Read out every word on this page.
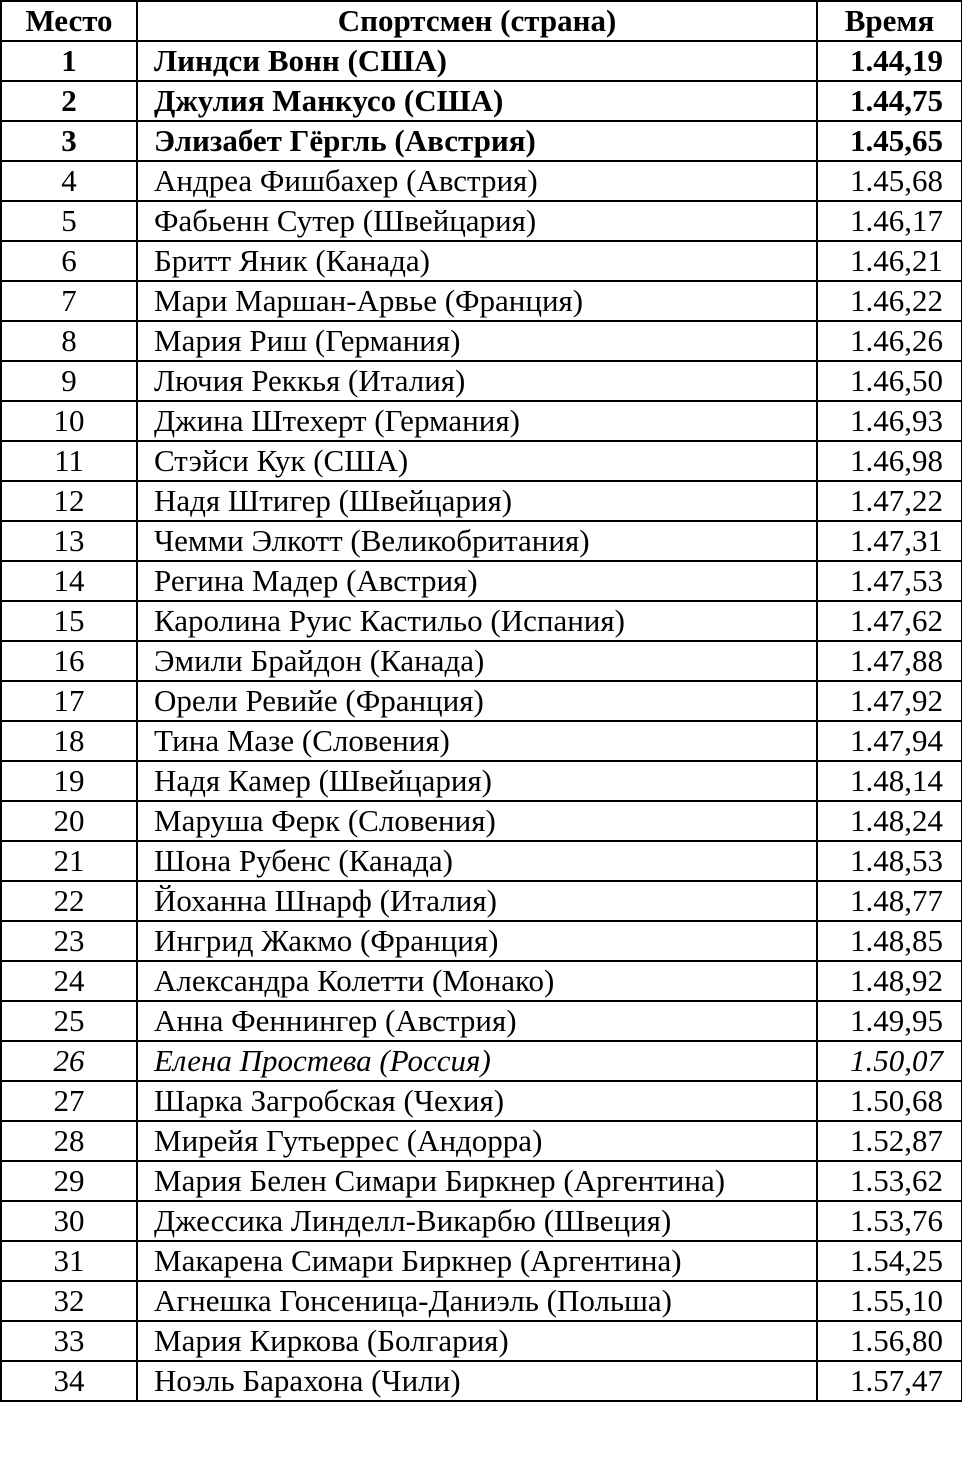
Место	Спортсмен (страна)	Время
1	Линдси Вонн (США)	1.44,19
2	Джулия Манкусо (США)	1.44,75
3	Элизабет Гёргль (Австрия)	1.45,65
4	Андреа Фишбахер (Австрия)	1.45,68
5	Фабьенн Сутер (Швейцария)	1.46,17
6	Бритт Яник (Канада)	1.46,21
7	Мари Маршан-Арвье (Франция)	1.46,22
8	Мария Риш (Германия)	1.46,26
9	Лючия Реккья (Италия)	1.46,50
10	Джина Штехерт (Германия)	1.46,93
11	Стэйси Кук (США)	1.46,98
12	Надя Штигер (Швейцария)	1.47,22
13	Чемми Элкотт (Великобритания)	1.47,31
14	Регина Мадер (Австрия)	1.47,53
15	Каролина Руис Кастильо (Испания)	1.47,62
16	Эмили Брайдон (Канада)	1.47,88
17	Орели Ревийе (Франция)	1.47,92
18	Тина Мазе (Словения)	1.47,94
19	Надя Камер (Швейцария)	1.48,14
20	Маруша Ферк (Словения)	1.48,24
21	Шона Рубенс (Канада)	1.48,53
22	Йоханна Шнарф (Италия)	1.48,77
23	Ингрид Жакмо (Франция)	1.48,85
24	Александра Колетти (Монако)	1.48,92
25	Анна Феннингер (Австрия)	1.49,95
26	Елена Простева (Россия)	1.50,07
27	Шарка Загробская (Чехия)	1.50,68
28	Мирейя Гутьеррес (Андорра)	1.52,87
29	Мария Белен Симари Биркнер (Аргентина)	1.53,62
30	Джессика Линделл-Викарбю (Швеция)	1.53,76
31	Макарена Симари Биркнер (Аргентина)	1.54,25
32	Агнешка Гонсеница-Даниэль (Польша)	1.55,10
33	Мария Киркова (Болгария)	1.56,80
34	Ноэль Барахона (Чили)	1.57,47
